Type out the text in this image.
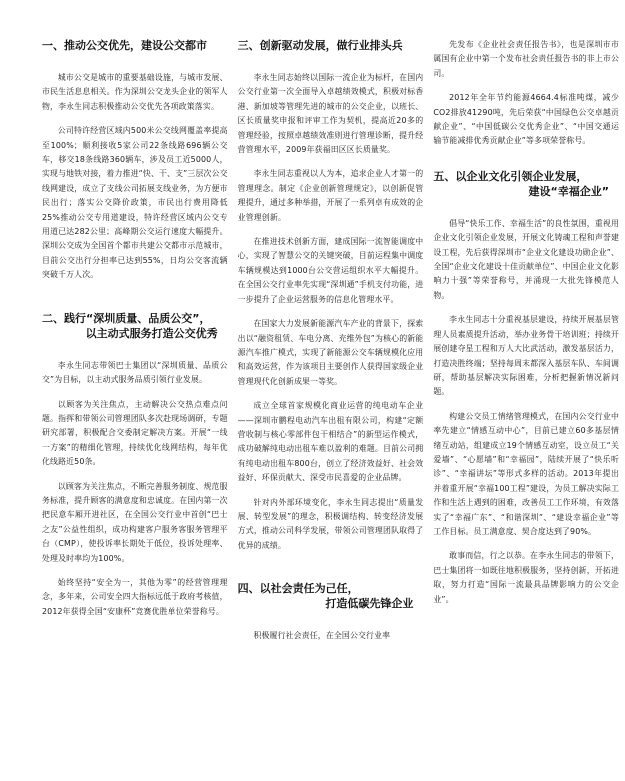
一、推动公交优先，建设公交都市

城市公交是城市的重要基础设施，与城市发展、市民生活息息相关。作为深圳公交龙头企业的领军人物，李永生同志积极推动公交优先各项政策落实。

公司特许经营区域内500米公交线网覆盖率提高至100%；顺利接收5家公司22条线路696辆公交车，移交18条线路360辆车，涉及员工近5000人，实现与地铁对接，着力推进“快、干、支”三层次公交线网建设，成立了支线公司拓展支线业务，为方便市民出行；落实公交降价政策，市民出行费用降低25%推动公交专用道建设，特许经营区域内公交专用道已达282公里；高峰期公交运行速度大幅提升。深圳公交成为全国首个都市共建公交都市示范城市，目前公交出行分担率已达到55%，日均公交客流辆突破千万人次。

二、践行“深圳质量、品质公交”，

以主动式服务打造公交优秀

李永生同志带领巴士集团以“深圳质量、品质公交”为目标，以主动式服务品质引领行业发展。

以顾客为关注焦点，主动解决公交热点难点问题。指挥和带领公司管理团队多次赴现场调研，专题研究部署，积极配合交委制定解决方案。开展“一线一方案”的精细化管理，持续优化线网结构，每年优化线路近50条。

以顾客为关注焦点，不断完善服务制度、规范服务标准，提升顾客的满意度和忠诚度。在国内第一次把民意车厢开进社区，在全国公交行业中首创“巴士之友”公益性组织，成功构建客户服务客服务管理平台（CMP），使投诉率长期处于低位，投诉处理率、处理及时率均为100%。

始终坚持“安全为一，其他为零”的经营管理理念，多年来，公司安全四大指标远低于政府考核值，2012年获得全国“安康杯”竞赛优胜单位荣誉称号。

三、创新驱动发展，做行业排头兵

李永生同志始终以国际一流企业为标杆，在国内公交行业第一次全面导入卓越绩效模式，积极对标香港、新加坡等管理先进的城市的公交企业，以班长、区长质量奖申报和评审工作为契机，提高近20多的管理经验，按照卓越绩效准则进行管理诊断，提升经营管理水平，2009年获福田区区长质量奖。

李永生同志重视以人为本，追求企业人才第一的管理理念。制定《企业创新管理规定》，以创新促管理提升，通过多种举措，开展了一系列卓有成效的企业管理创新。

在推进技术创新方面，建成国际一流智能调度中心，实现了智慧公交的关键突破，目前运程集中调度车辆规模达到1000台公交营运组织水平大幅提升。在全国公交行业率先实现“深圳通”手机支付功能，进一步提升了企业运营服务的信息化管理水平。

在国家大力发展新能源汽车产业的背景下，探索出以“融资租赁、车电分离、充维外包”为核心的新能源汽车推广模式，实现了新能源公交车辆规模化应用和高效运营，作为该项目主要创作人获得国家级企业管理现代化创新成果一等奖。

成立全球首家规模化商业运营的纯电动车企业——深圳市鹏程电动汽车出租有限公司，构建“定额营收制与核心零部件包干相结合”的新型运作模式，成功破解纯电动出租车难以盈利的难题。目前公司拥有纯电动出租车800台，创立了经济效益好、社会效益好、环保贡献大、深受市民喜爱的企业品牌。

针对内外部环境变化，李永生同志提出“质量发展、转型发展”的理念，积极调结构、转变经济发展方式，推动公司科学发展，带领公司管理团队取得了优异的成绩。

四、以社会责任为己任，

打造低碳先锋企业

积极履行社会责任，在全国公交行业率

先发布《企业社会责任报告书》，也是深圳市市属国有企业中第一个发布社会责任报告书的非上市公司。

2012年全年节约能源4664.4标准吨煤，减少CO2排放41290吨，先后荣获“中国绿色公交卓越贡献企业”、“中国低碳公交优秀企业”、“中国交通运输节能减排优秀贡献企业”等多项荣誉称号。

五、以企业文化引领企业发展，

建设“幸福企业”

倡导“快乐工作、幸福生活”的良性氛围，重视用企业文化引领企业发展，开展文化铸魂工程和声誉建设工程，先后获得深圳市“企业文化建设功勋企业”、全国“企业文化建设十佳贡献单位”、中国企业文化影响力十强”等荣誉称号，并涌现一大批先锋模范人物。

李永生同志十分重视基层建设，持续开展基层管理人员素质提升活动，举办业务骨干培训班；持续开展创建夺星工程和万人大比武活动，激发基层活力，打造决胜终端；坚持每周末都深入基层车队、车间调研，帮助基层解决实际困难，分析把握新情况新问题。

构建公交员工情绪管理模式，在国内公交行业中率先建立“情感互动中心”，目前已建立60多基层情绪互动站，组建成立19个情感互动室，设立员工“关爱墙”、“心愿墙”和“幸福园”，陆续开展了“快乐听诊”、“幸福讲坛”等形式多样的活动。2013年提出并着重开展“幸福100工程”建设，为员工解决实际工作和生活上遇到的困难，改善员工工作环境，有效落实了“幸福广东”、“和谐深圳”、“建设幸福企业”等工作目标。员工满意度、契合度达到了90%。

敢事而信，行之以恭。在李永生同志的带领下，巴士集团将一如既往地积极服务，坚持创新，开拓进取，努力打造“国际一流最具品牌影响力的公交企业”。
